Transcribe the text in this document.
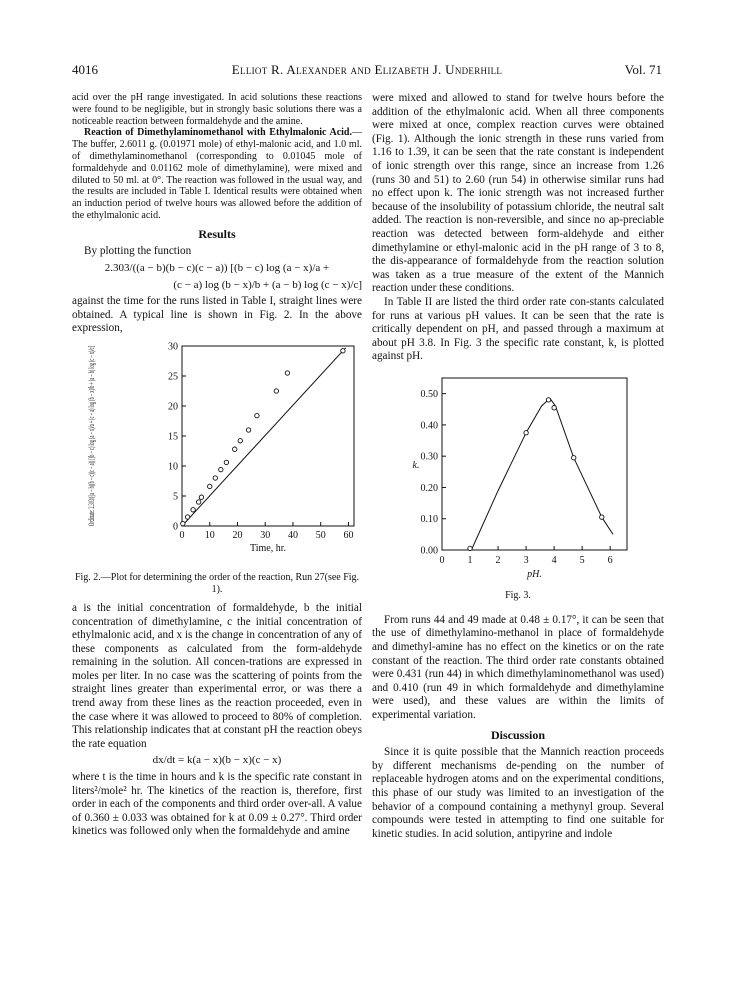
4016	Elliot R. Alexander and Elizabeth J. Underhill	Vol. 71

acid over the pH range investigated. In acid solutions these reactions were found to be negligible, but in strongly basic solutions there was a noticeable reaction between formaldehyde and the amine.

Reaction of Dimethylaminomethanol with Ethylmalonic Acid.—The buffer, 2.6011 g. (0.01971 mole) of ethyl-malonic acid, and 1.0 ml. of dimethylaminomethanol (corresponding to 0.01045 mole of formaldehyde and 0.01162 mole of dimethylamine), were mixed and diluted to 50 ml. at 0°. The reaction was followed in the usual way, and the results are included in Table I. Identical results were obtained when an induction period of twelve hours was allowed before the addition of the ethylmalonic acid.

Results

By plotting the function

2.303/((a − b)(b − c)(c − a)) [(b − c) log (a − x)/a +
(c − a) log (b − x)/b + (a − b) log (c − x)/c]

against the time for the runs listed in Table I, straight lines were obtained. A typical line is shown in Fig. 2. In the above expression,

0 10 20 30 40 50 60
0
5
10
15
20
25
30
Time, hr.
Ordinate: 2.303/((a − b)(b − c)(c − a)) [(b − c) log (a − x)/a + (c − a) log (b − x)/b + (a − b) log (c − x)/c]
Fig. 2.—Plot for determining the order of the reaction, Run 27(see Fig. 1).

a is the initial concentration of formaldehyde, b the initial concentration of dimethylamine, c the initial concentration of ethylmalonic acid, and x is the change in concentration of any of these components as calculated from the form-aldehyde remaining in the solution. All concen-trations are expressed in moles per liter. In no case was the scattering of points from the straight lines greater than experimental error, or was there a trend away from these lines as the reaction proceeded, even in the case where it was allowed to proceed to 80% of completion. This relationship indicates that at constant pH the reaction obeys the rate equation

dx/dt = k(a − x)(b − x)(c − x)

where t is the time in hours and k is the specific rate constant in liters²/mole² hr. The kinetics of the reaction is, therefore, first order in each of the components and third order over-all. A value of 0.360 ± 0.033 was obtained for k at 0.09 ± 0.27°. Third order kinetics was followed only when the formaldehyde and amine

were mixed and allowed to stand for twelve hours before the addition of the ethylmalonic acid. When all three components were mixed at once, complex reaction curves were obtained (Fig. 1). Although the ionic strength in these runs varied from 1.16 to 1.39, it can be seen that the rate constant is independent of ionic strength over this range, since an increase from 1.26 (runs 30 and 51) to 2.60 (run 54) in otherwise similar runs had no effect upon k. The ionic strength was not increased further because of the insolubility of potassium chloride, the neutral salt added. The reaction is non-reversible, and since no ap-preciable reaction was detected between form-aldehyde and either dimethylamine or ethyl-malonic acid in the pH range of 3 to 8, the dis-appearance of formaldehyde from the reaction solution was taken as a true measure of the extent of the Mannich reaction under these conditions.

In Table II are listed the third order rate con-stants calculated for runs at various pH values. It can be seen that the rate is critically dependent on pH, and passed through a maximum at about pH 3.8. In Fig. 3 the specific rate constant, k, is plotted against pH.

0 1 2 3 4 5 6
0.00
0.10
0.20
0.30
0.40
0.50
pH.
k.
Fig. 3.

From runs 44 and 49 made at 0.48 ± 0.17°, it can be seen that the use of dimethylamino-methanol in place of formaldehyde and dimethyl-amine has no effect on the kinetics or on the rate constant of the reaction. The third order rate constants obtained were 0.431 (run 44) in which dimethylaminomethanol was used) and 0.410 (run 49 in which formaldehyde and dimethylamine were used), and these values are within the limits of experimental variation.

Discussion

Since it is quite possible that the Mannich reaction proceeds by different mechanisms de-pending on the number of replaceable hydrogen atoms and on the experimental conditions, this phase of our study was limited to an investigation of the behavior of a compound containing a methynyl group. Several compounds were tested in attempting to find one suitable for kinetic studies. In acid solution, antipyrine and indole
